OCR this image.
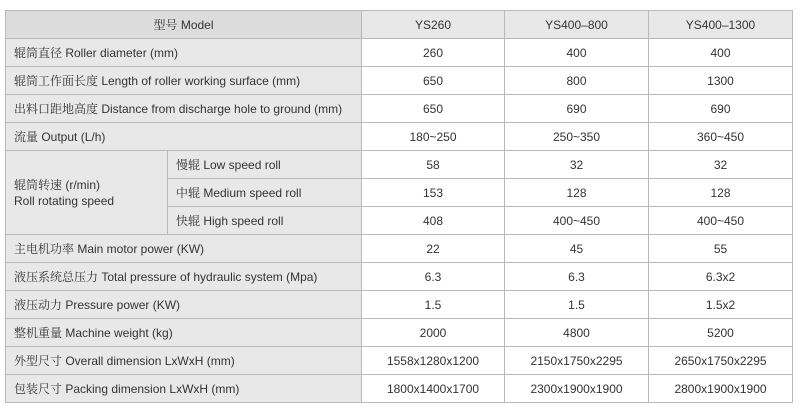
型号 Model		YS260	YS400–800	YS400–1300
辊筒直径 Roller diameter (mm)		260	400	400
辊筒工作面长度 Length of roller working surface (mm)		650	800	1300
出料口距地高度 Distance from discharge hole to ground (mm)		650	690	690
流量 Output (L/h)		180~250	250~350	360~450

辊筒转速 (r/min)
Roll rotating speed	慢辊 Low speed roll	58	32	32
	中辊 Medium speed roll	153	128	128
	快辊 High speed roll	408	400~450	400~450
主电机功率 Main motor power (KW)		22	45	55
液压系统总压力 Total pressure of hydraulic system (Mpa)		6.3	6.3	6.3x2
液压动力 Pressure power (KW)		1.5	1.5	1.5x2
整机重量 Machine weight (kg)		2000	4800	5200
外型尺寸 Overall dimension LxWxH (mm)		1558x1280x1200	2150x1750x2295	2650x1750x2295
包装尺寸 Packing dimension LxWxH (mm)		1800x1400x1700	2300x1900x1900	2800x1900x1900
